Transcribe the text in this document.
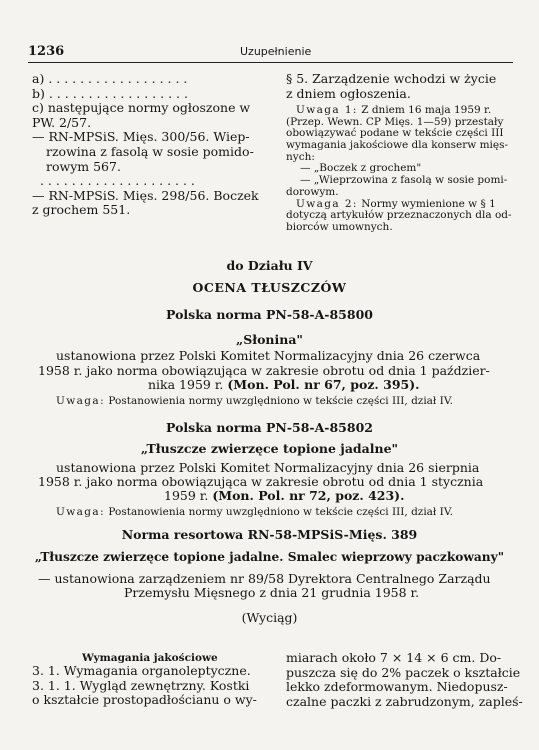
1236	Uzupełnienie
a) . . . . . . . . . . . . . . . . . .
b) . . . . . . . . . . . . . . . . . .
c) następujące normy ogłoszone w
PW. 2/57.
— RN-MPSiS. Mięs. 300/56. Wiep-
rzowina z fasolą w sosie pomido-
rowym 567.
. . . . . . . . . . . . . . . . . . . .
— RN-MPSiS. Mięs. 298/56. Boczek
z grochem 551.
§ 5. Zarządzenie wchodzi w życie
z dniem ogłoszenia.
Uwaga 1: Z dniem 16 maja 1959 r.
(Przep. Wewn. CP Mięs. 1—59) przestały
obowiązywać podane w tekście części III
wymagania jakościowe dla konserw mięs-
nych:
— „Boczek z grochem"
— „Wieprzowina z fasolą w sosie pomi-
dorowym.
Uwaga 2: Normy wymienione w § 1
dotyczą artykułów przeznaczonych dla od-
biorców umownych.
do Działu IV
OCENA TŁUSZCZÓW
Polska norma PN-58-A-85800
„Słonina"
ustanowiona przez Polski Komitet Normalizacyjny dnia 26 czerwca
1958 r. jako norma obowiązująca w zakresie obrotu od dnia 1 paździer-
nika 1959 r. (Mon. Pol. nr 67, poz. 395).
Uwaga: Postanowienia normy uwzględniono w tekście części III, dział IV.
Polska norma PN-58-A-85802
„Tłuszcze zwierzęce topione jadalne"
ustanowiona przez Polski Komitet Normalizacyjny dnia 26 sierpnia
1958 r. jako norma obowiązująca w zakresie obrotu od dnia 1 stycznia
1959 r. (Mon. Pol. nr 72, poz. 423).
Uwaga: Postanowienia normy uwzględniono w tekście części III, dział IV.
Norma resortowa RN-58-MPSiS-Mięs. 389
„Tłuszcze zwierzęce topione jadalne. Smalec wieprzowy paczkowany"
— ustanowiona zarządzeniem nr 89/58 Dyrektora Centralnego Zarządu
Przemysłu Mięsnego z dnia 21 grudnia 1958 r.
(Wyciąg)
Wymagania jakościowe
3. 1. Wymagania organoleptyczne.
3. 1. 1. Wygląd zewnętrzny. Kostki
o kształcie prostopadłościanu o wy-
miarach około 7 ⨯ 14 ⨯ 6 cm. Do-
puszcza się do 2% paczek o kształcie
lekko zdeformowanym. Niedopusz-
czalne paczki z zabrudzonym, zapleś-
